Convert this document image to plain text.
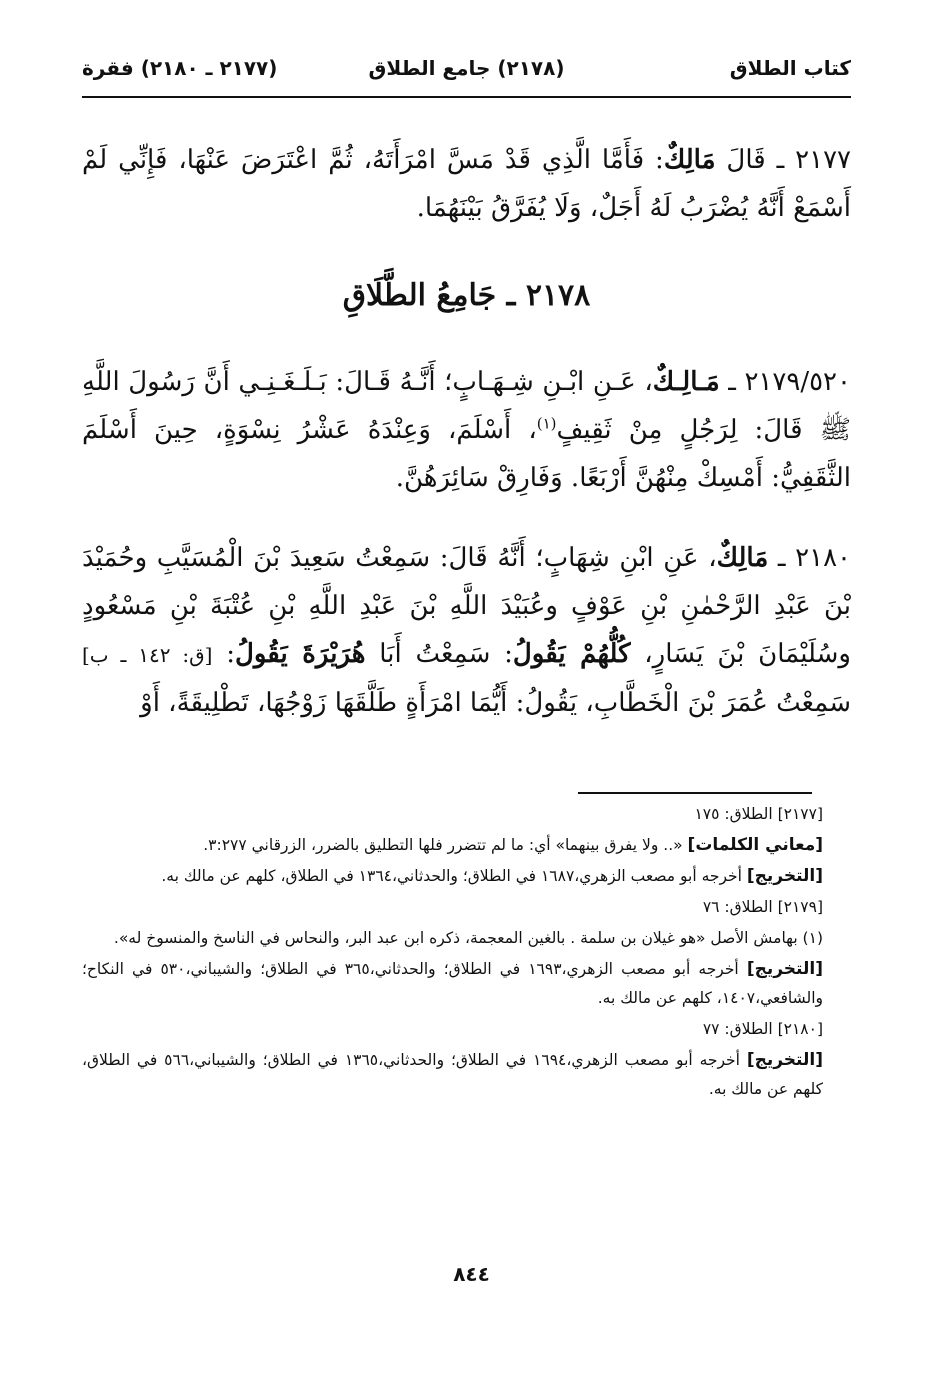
كتاب الطلاق
(٢١٧٨) جامع الطلاق
(٢١٧٧ ـ ٢١٨٠) فقرة

٢١٧٧ ـ قَالَ مَالِكٌ: فَأَمَّا الَّذِي قَدْ مَسَّ امْرَأَتَهُ، ثُمَّ اعْتَرَضَ عَنْهَا، فَإِنِّي لَمْ أَسْمَعْ أَنَّهُ يُضْرَبُ لَهُ أَجَلٌ، وَلَا يُفَرَّقُ بَيْنَهُمَا.

٢١٧٨ ـ جَامِعُ الطَّلَاقِ

٢١٧٩/٥٢٠ ـ مَـالِـكٌ، عَـنِ ابْـنِ شِـهَـابٍ؛ أَنَّـهُ قَـالَ: بَـلَـغَـنِـي أَنَّ رَسُولَ اللَّهِ ﷺ قَالَ: لِرَجُلٍ مِنْ ثَقِيفٍ$^{(١)}$، أَسْلَمَ، وَعِنْدَهُ عَشْرُ نِسْوَةٍ، حِينَ أَسْلَمَ الثَّقَفِيُّ: أَمْسِكْ مِنْهُنَّ أَرْبَعًا. وَفَارِقْ سَائِرَهُنَّ.

٢١٨٠ ـ مَالِكٌ، عَنِ ابْنِ شِهَابٍ؛ أَنَّهُ قَالَ: سَمِعْتُ سَعِيدَ بْنَ الْمُسَيَّبِ وحُمَيْدَ بْنَ عَبْدِ الرَّحْمٰنِ بْنِ عَوْفٍ وعُبَيْدَ اللَّهِ بْنَ عَبْدِ اللَّهِ بْنِ عُتْبَةَ بْنِ مَسْعُودٍ وسُلَيْمَانَ بْنَ يَسَارٍ، كُلُّهُمْ يَقُولُ: سَمِعْتُ أَبَا هُرَيْرَةَ يَقُولُ: [ق: ١٤٢ ـ ب] سَمِعْتُ عُمَرَ بْنَ الْخَطَّابِ، يَقُولُ: أَيُّمَا امْرَأَةٍ طَلَّقَهَا زَوْجُهَا، تَطْلِيقَةً، أَوْ

[٢١٧٧] الطلاق: ١٧٥
[معاني الكلمات] «.. ولا يفرق بينهما» أي: ما لم تتضرر فلها التطليق بالضرر، الزرقاني ٣:٢٧٧.
[التخريج] أخرجه أبو مصعب الزهري،١٦٨٧ في الطلاق؛ والحدثاني،١٣٦٤ في الطلاق، كلهم عن مالك به.
[٢١٧٩] الطلاق: ٧٦
(١) بهامش الأصل «هو غيلان بن سلمة . بالغين المعجمة، ذكره ابن عبد البر، والنحاس في الناسخ والمنسوخ له».
[التخريج] أخرجه أبو مصعب الزهري،١٦٩٣ في الطلاق؛ والحدثاني،٣٦٥ في الطلاق؛ والشيباني،٥٣٠ في النكاح؛ والشافعي،١٤٠٧، كلهم عن مالك به.
[٢١٨٠] الطلاق: ٧٧
[التخريج] أخرجه أبو مصعب الزهري،١٦٩٤ في الطلاق؛ والحدثاني،١٣٦٥ في الطلاق؛ والشيباني،٥٦٦ في الطلاق، كلهم عن مالك به.
٨٤٤
